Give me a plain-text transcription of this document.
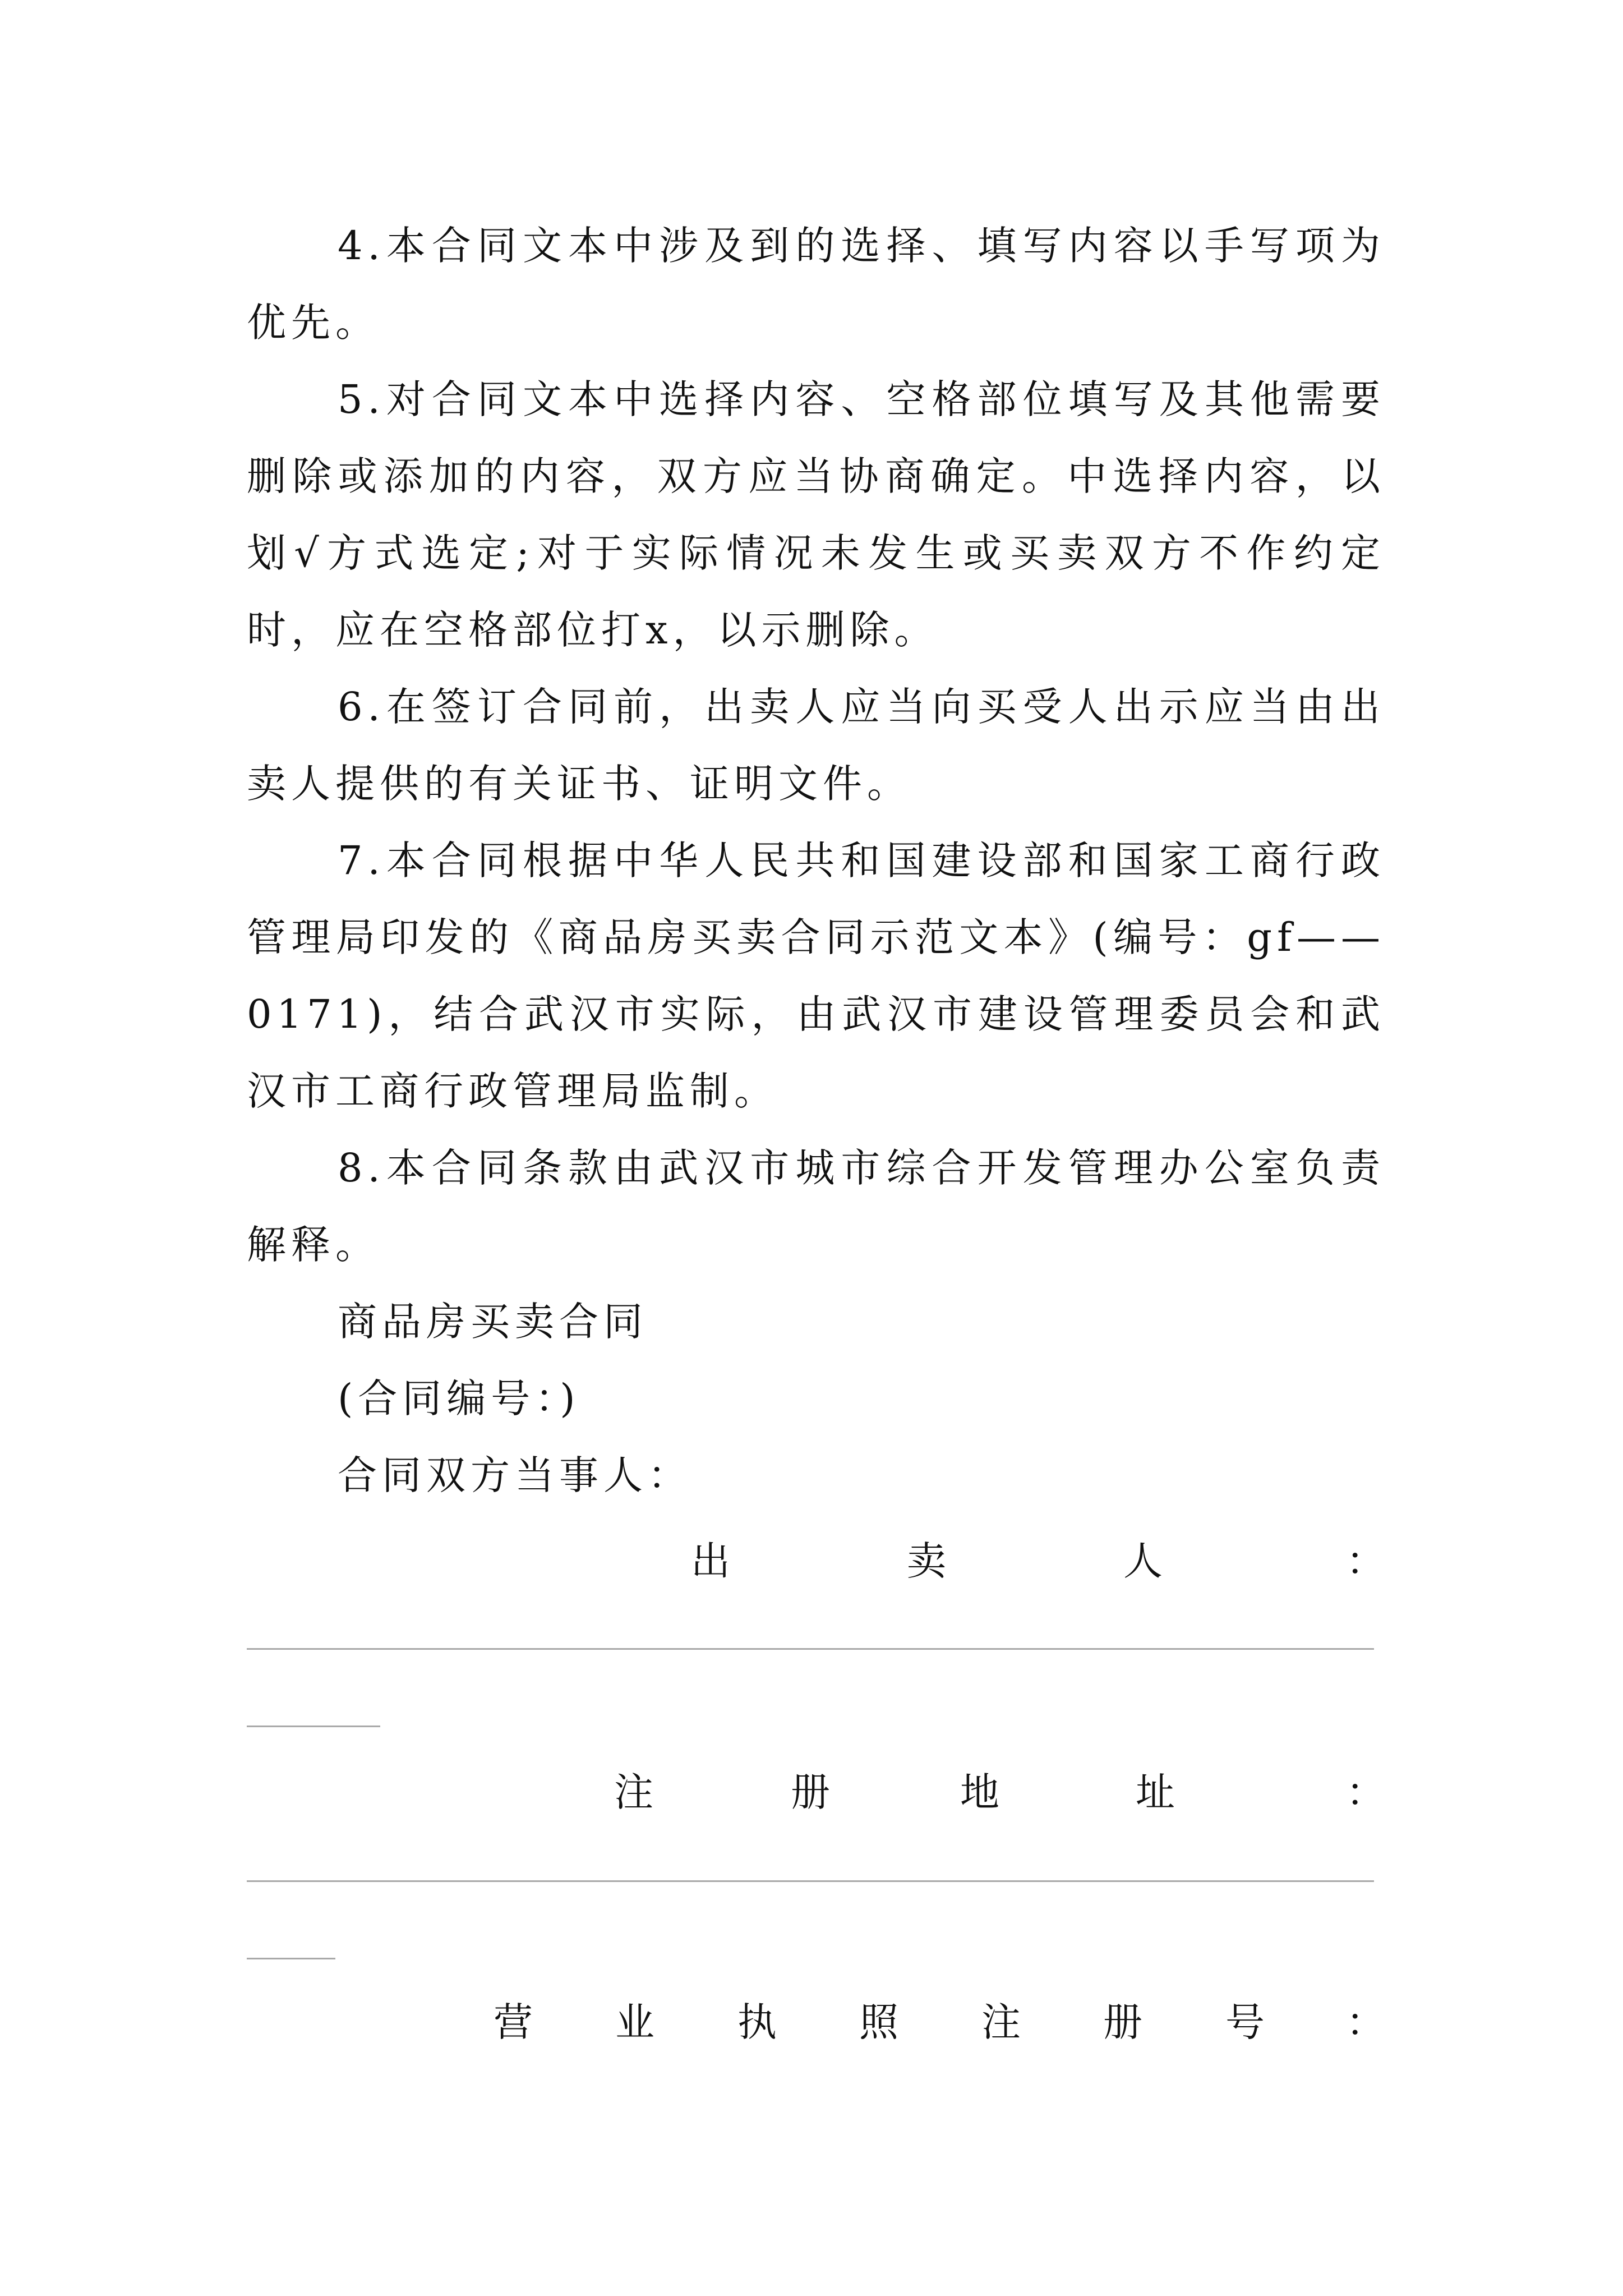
4.本合同文本中涉及到的选择、填写内容以手写项为优先。

5.对合同文本中选择内容、空格部位填写及其他需要删除或添加的内容，双方应当协商确定。中选择内容，以划√方式选定;对于实际情况未发生或买卖双方不作约定时，应在空格部位打x，以示删除。

6.在签订合同前，出卖人应当向买受人出示应当由出卖人提供的有关证书、证明文件。

7.本合同根据中华人民共和国建设部和国家工商行政管理局印发的《商品房买卖合同示范文本》(编号：gf——0171)，结合武汉市实际，由武汉市建设管理委员会和武汉市工商行政管理局监制。

8.本合同条款由武汉市城市综合开发管理办公室负责解释。

商品房买卖合同
(合同编号：)
合同双方当事人：
出	卖	人	：
注	册	地	址	：
营 业 执 照 注 册 号 ：
